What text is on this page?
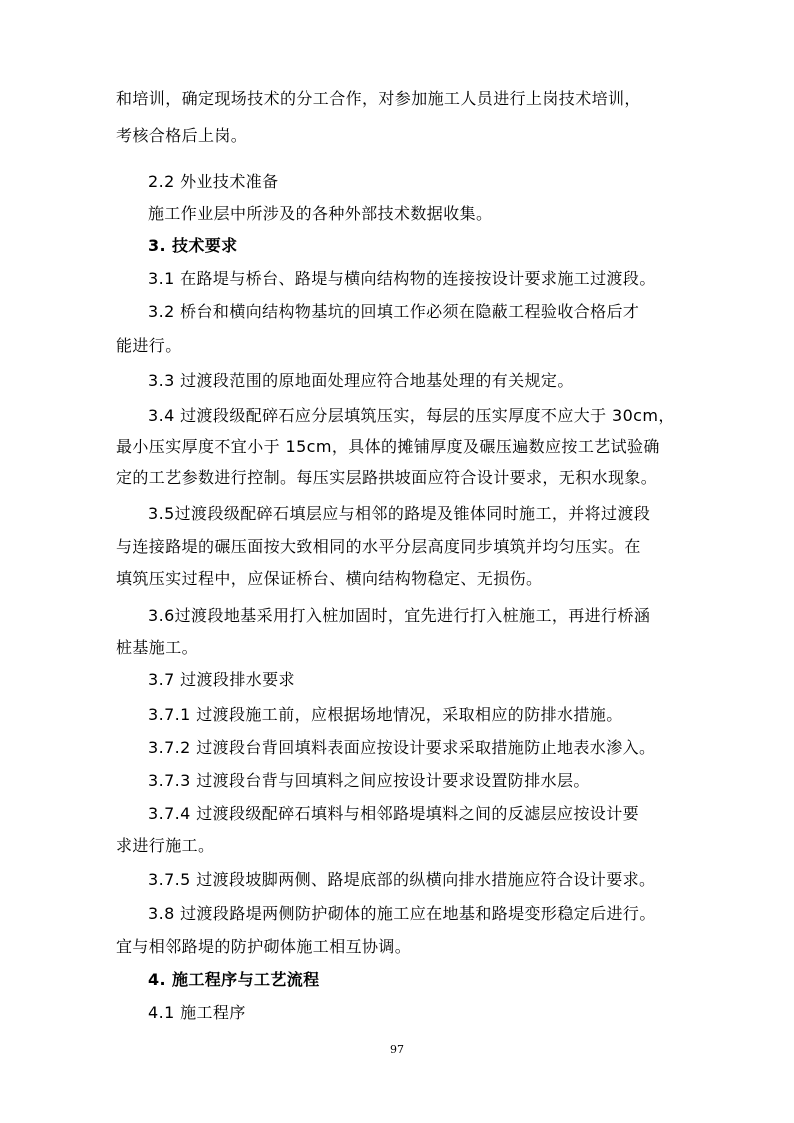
和培训，确定现场技术的分工合作，对参加施工人员进行上岗技术培训，
考核合格后上岗。
2.2 外业技术准备
施工作业层中所涉及的各种外部技术数据收集。
3. 技术要求
3.1 在路堤与桥台、路堤与横向结构物的连接按设计要求施工过渡段。
3.2 桥台和横向结构物基坑的回填工作必须在隐蔽工程验收合格后才
能进行。
3.3 过渡段范围的原地面处理应符合地基处理的有关规定。
3.4 过渡段级配碎石应分层填筑压实，每层的压实厚度不应大于 30cm，
最小压实厚度不宜小于 15cm，具体的摊铺厚度及碾压遍数应按工艺试验确
定的工艺参数进行控制。每压实层路拱坡面应符合设计要求，无积水现象。
3.5过渡段级配碎石填层应与相邻的路堤及锥体同时施工，并将过渡段
与连接路堤的碾压面按大致相同的水平分层高度同步填筑并均匀压实。在
填筑压实过程中，应保证桥台、横向结构物稳定、无损伤。
3.6过渡段地基采用打入桩加固时，宜先进行打入桩施工，再进行桥涵
桩基施工。
3.7 过渡段排水要求
3.7.1 过渡段施工前，应根据场地情况，采取相应的防排水措施。
3.7.2 过渡段台背回填料表面应按设计要求采取措施防止地表水渗入。
3.7.3 过渡段台背与回填料之间应按设计要求设置防排水层。
3.7.4 过渡段级配碎石填料与相邻路堤填料之间的反滤层应按设计要
求进行施工。
3.7.5 过渡段坡脚两侧、路堤底部的纵横向排水措施应符合设计要求。
3.8 过渡段路堤两侧防护砌体的施工应在地基和路堤变形稳定后进行。
宜与相邻路堤的防护砌体施工相互协调。
4. 施工程序与工艺流程
4.1 施工程序
97
